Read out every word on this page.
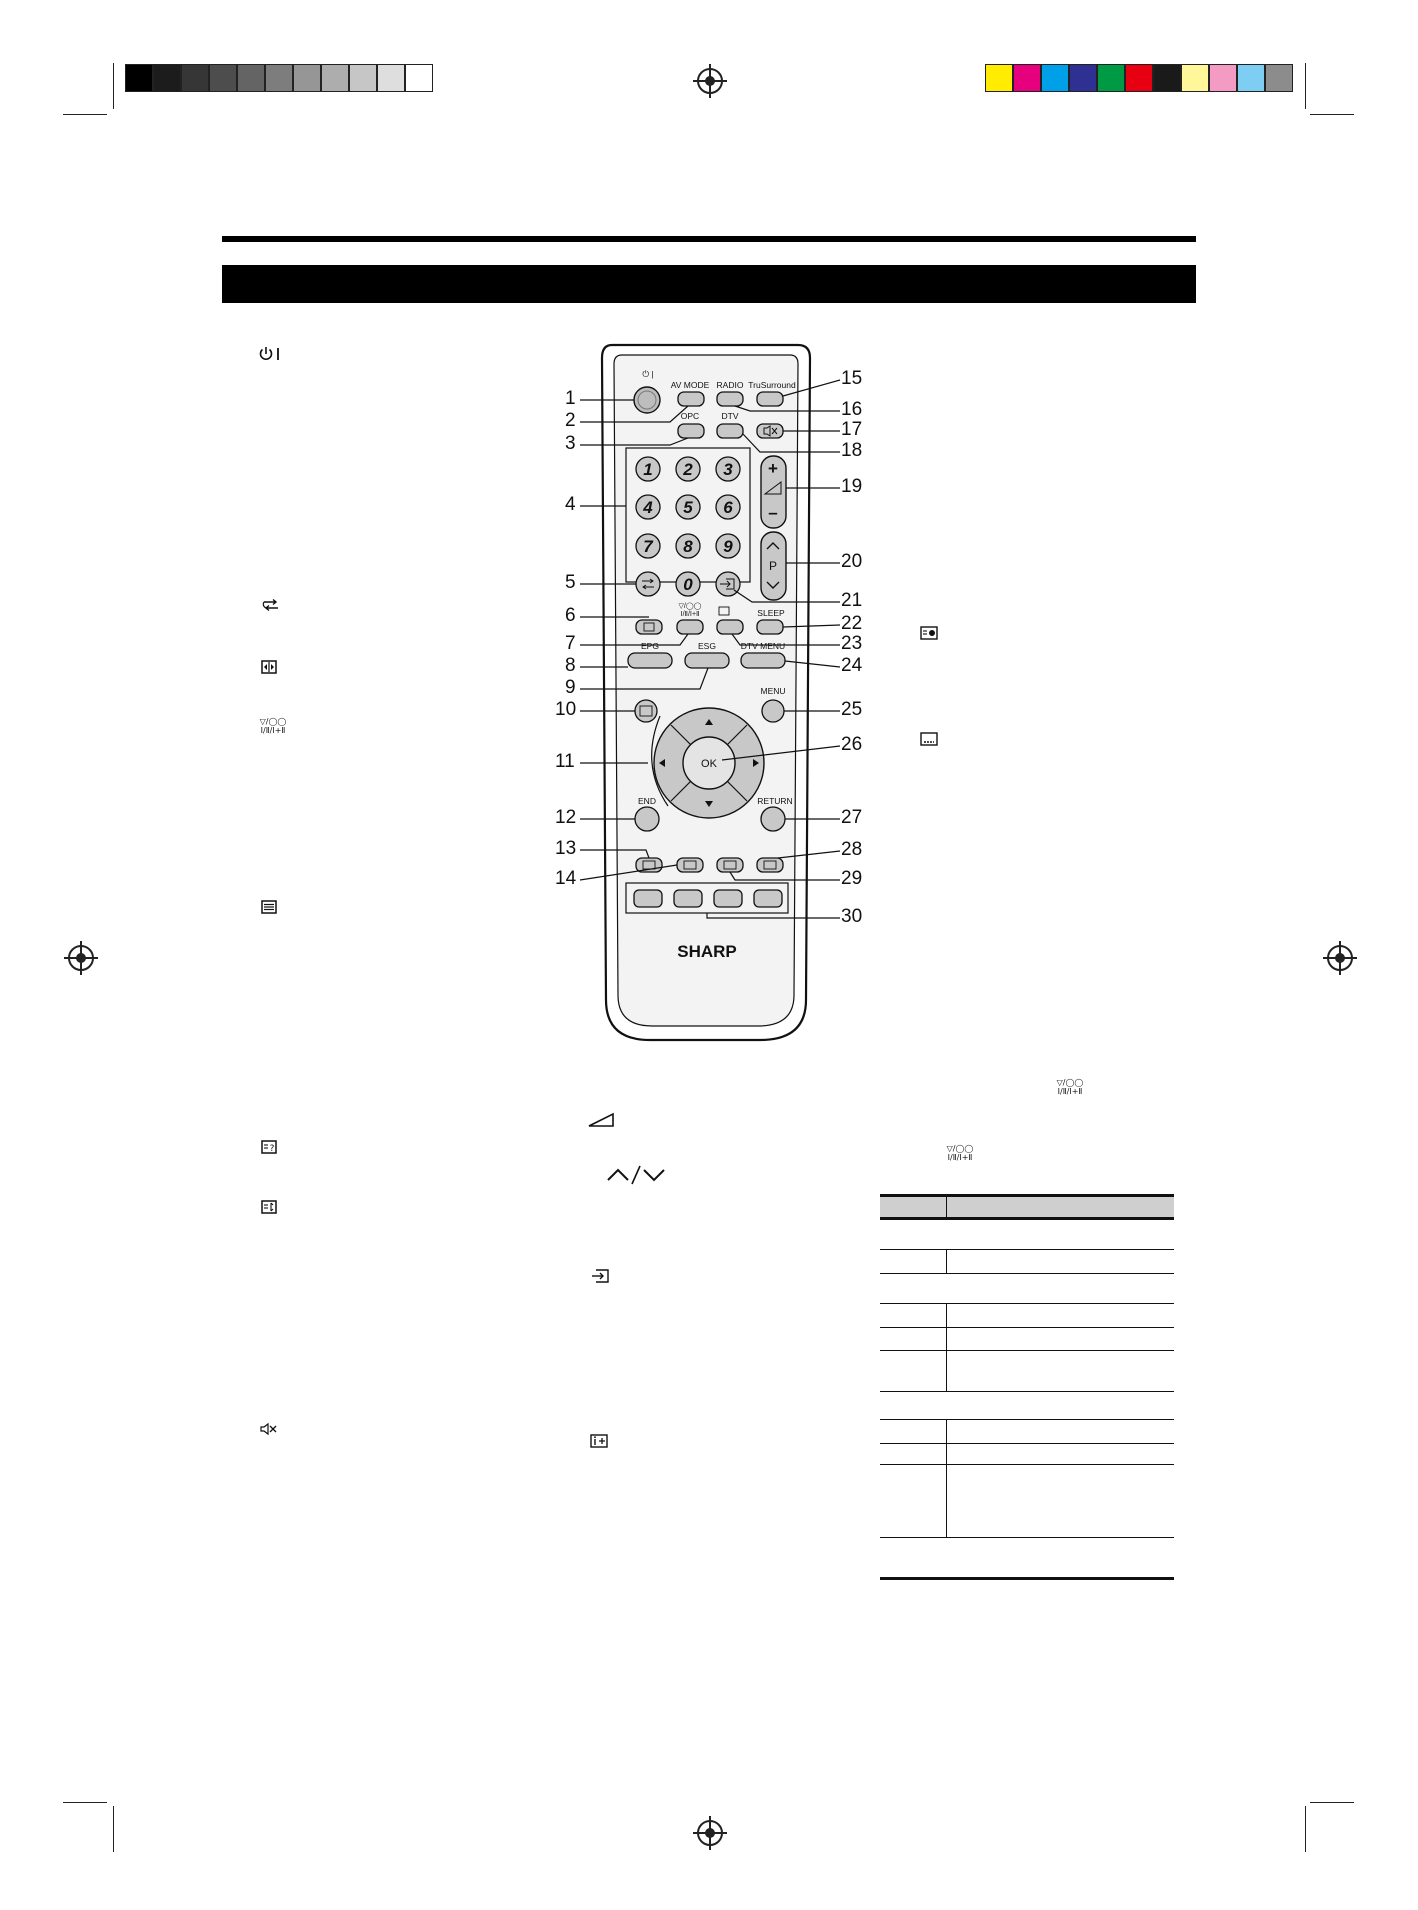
▽/◯◯
Ⅰ/Ⅱ/Ⅰ+Ⅱ
?
▽/◯◯
Ⅰ/Ⅱ/Ⅰ+Ⅱ
▽/◯◯
Ⅰ/Ⅱ/Ⅰ+Ⅱ
⏻ |
AV MODE RADIO TruSurround
OPC	DTV
1 2 3
4 5 6
7 8 9
0
+
–
P
▽/◯◯
Ⅰ/Ⅱ/Ⅰ+Ⅱ	SLEEP
EPG	ESG	DTV MENU
MENU
OK
END	RETURN
SHARP
1
2
3
4
5
6
7
8
9
10
11
12
13
14
15
16
17
18
19
20
21
22
23
24
25
26
27
28
29
30
